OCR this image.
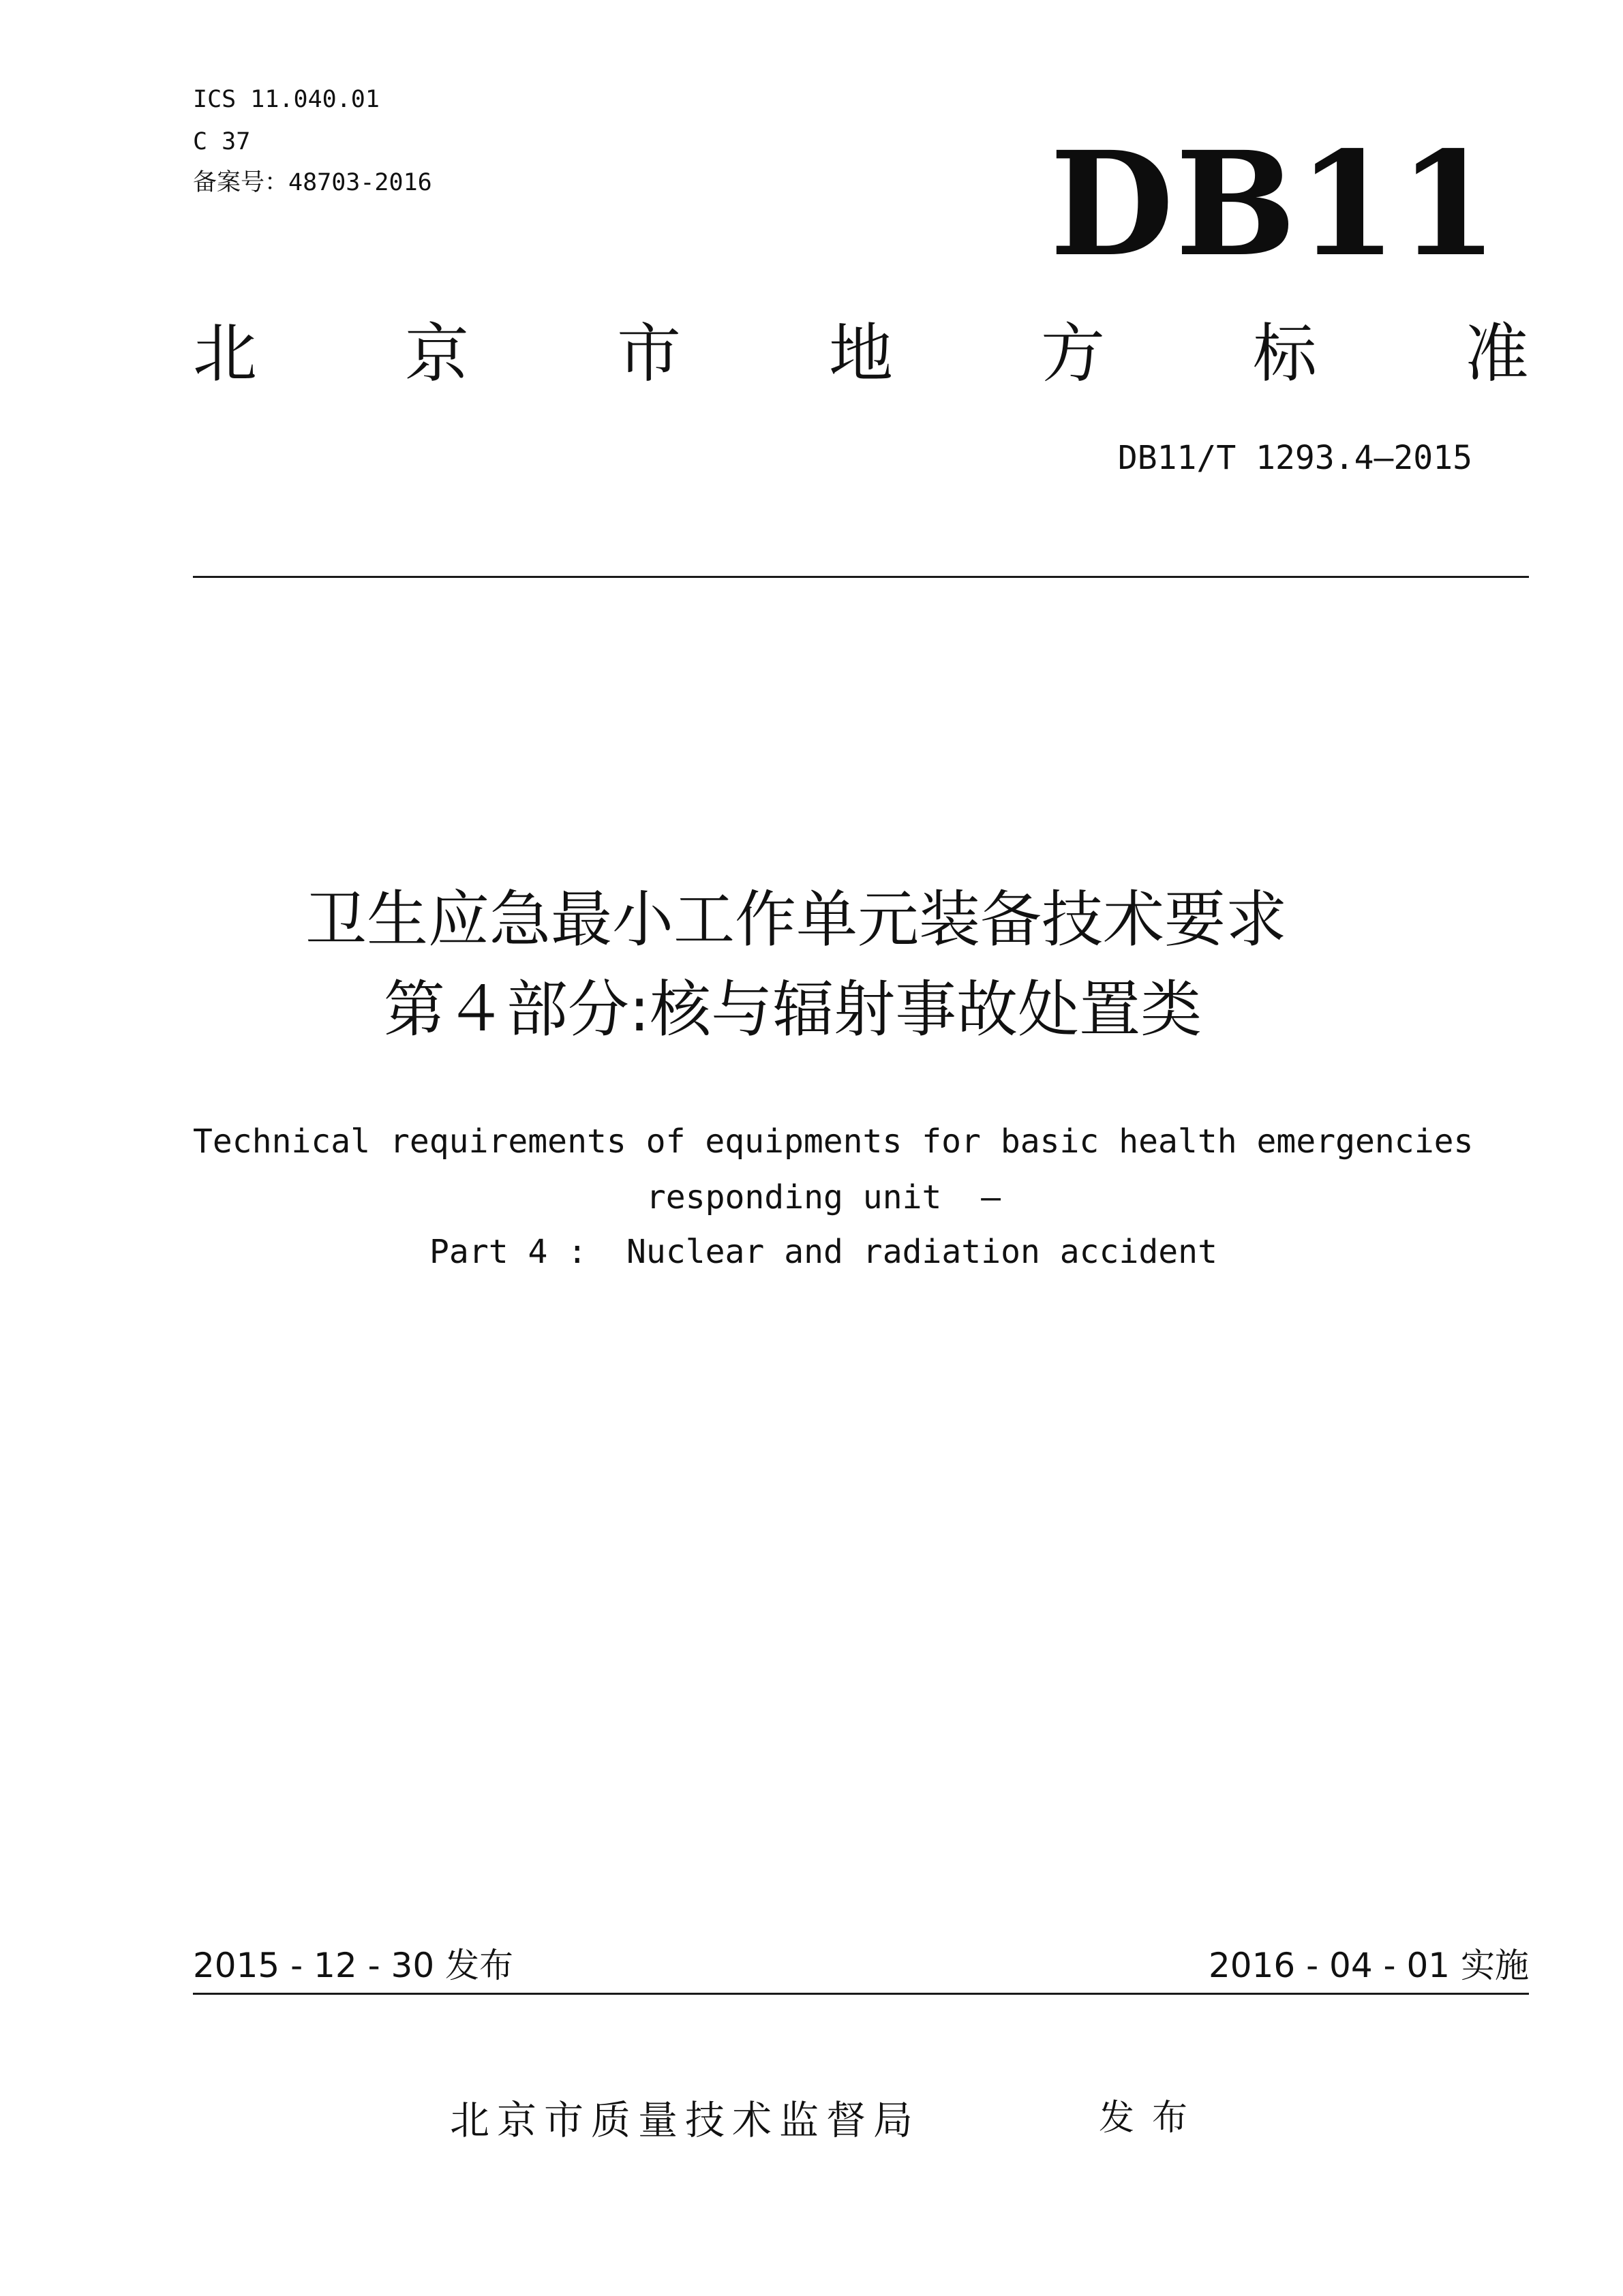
ICS 11.040.01
C 37
备案号：48703-2016	DB11
北 京 市 地 方 标 准
DB11/T 1293.4—2015
卫生应急最小工作单元装备技术要求
第４部分:核与辐射事故处置类
Technical requirements of equipments for basic health emergencies
responding unit  —
Part 4 :  Nuclear and radiation accident
2015 - 12 - 30 发布	2016 - 04 - 01 实施
北京市质量技术监督局	发布
